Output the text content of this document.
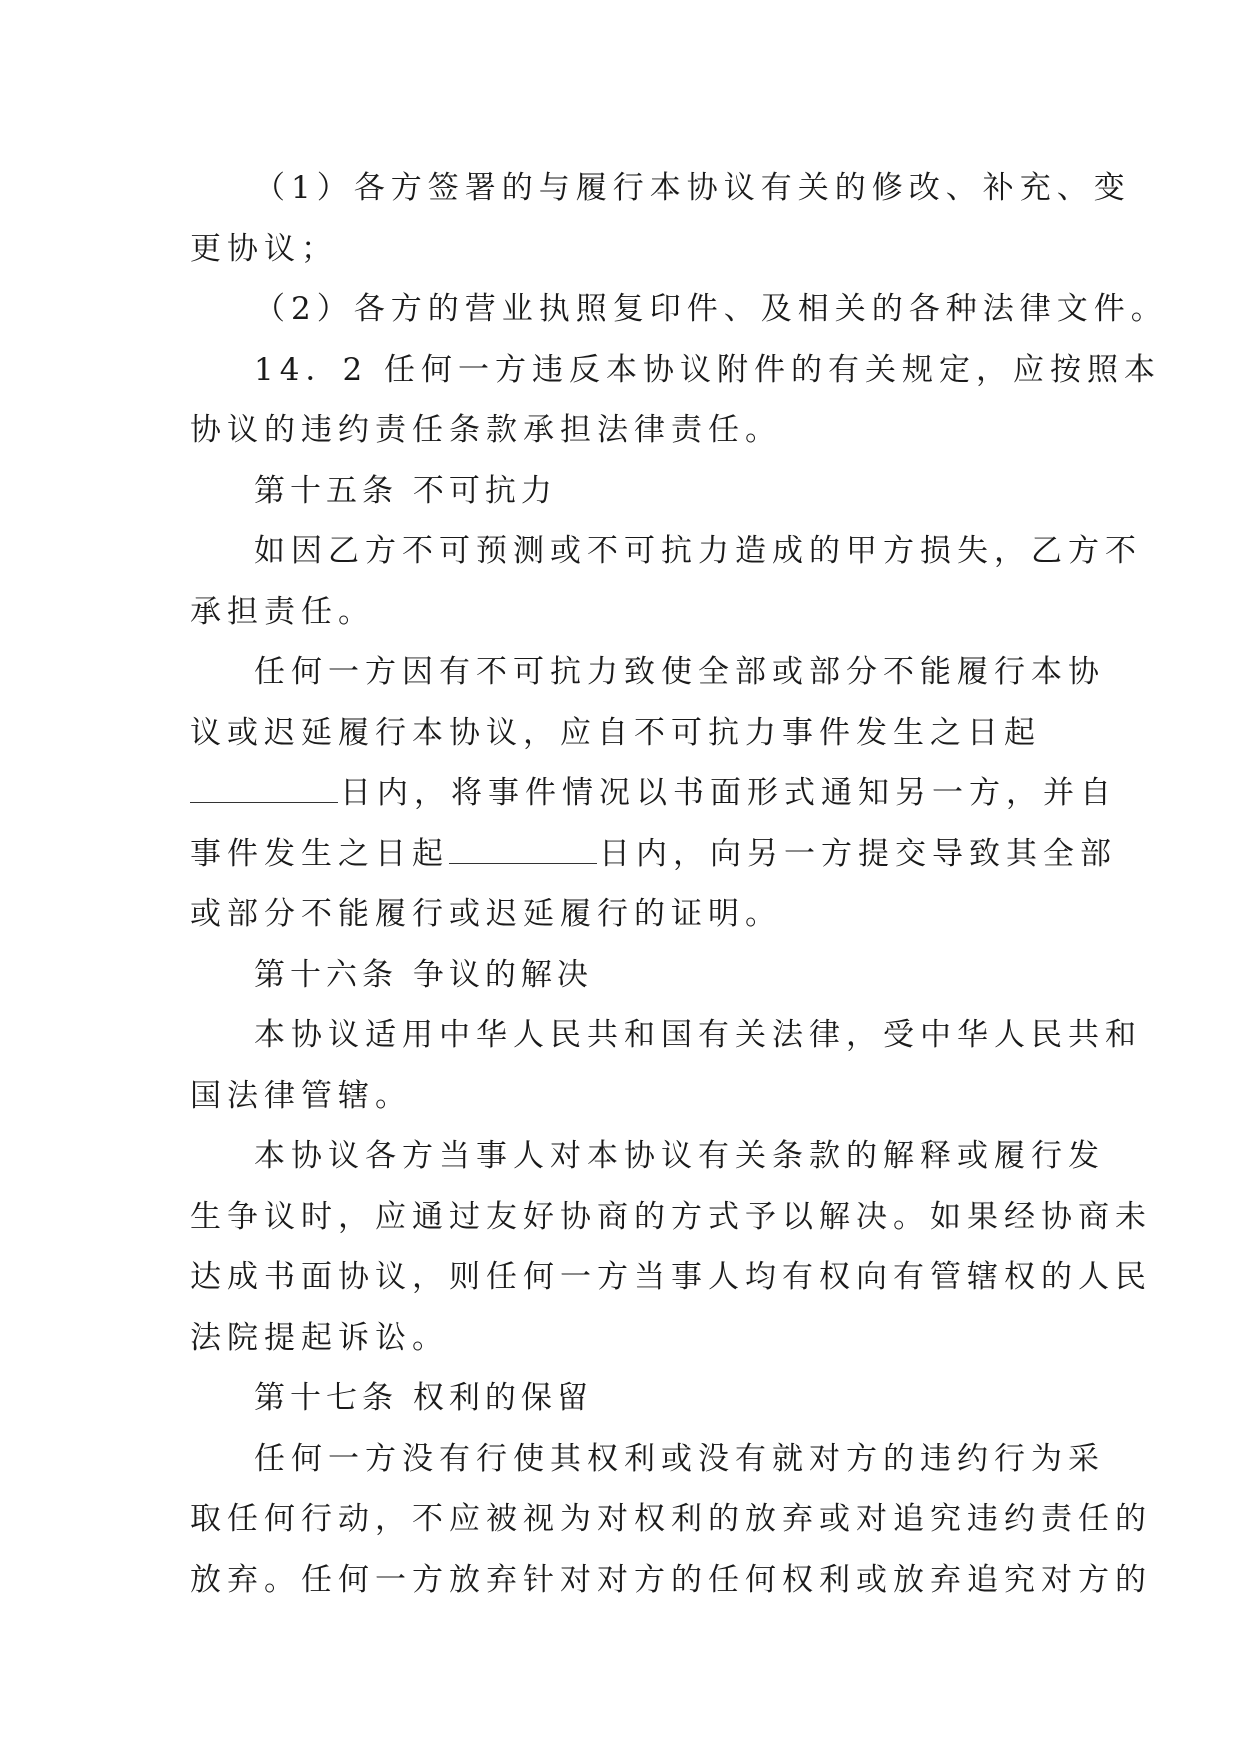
（1）各方签署的与履行本协议有关的修改、补充、变
更协议；
（2）各方的营业执照复印件、及相关的各种法律文件。
14．2 任何一方违反本协议附件的有关规定，应按照本
协议的违约责任条款承担法律责任。
第十五条 不可抗力
如因乙方不可预测或不可抗力造成的甲方损失，乙方不
承担责任。
任何一方因有不可抗力致使全部或部分不能履行本协
议或迟延履行本协议，应自不可抗力事件发生之日起
日内，将事件情况以书面形式通知另一方，并自
事件发生之日起	日内，向另一方提交导致其全部
或部分不能履行或迟延履行的证明。
第十六条 争议的解决
本协议适用中华人民共和国有关法律，受中华人民共和
国法律管辖。
本协议各方当事人对本协议有关条款的解释或履行发
生争议时，应通过友好协商的方式予以解决。如果经协商未
达成书面协议，则任何一方当事人均有权向有管辖权的人民
法院提起诉讼。
第十七条 权利的保留
任何一方没有行使其权利或没有就对方的违约行为采
取任何行动，不应被视为对权利的放弃或对追究违约责任的
放弃。任何一方放弃针对对方的任何权利或放弃追究对方的
